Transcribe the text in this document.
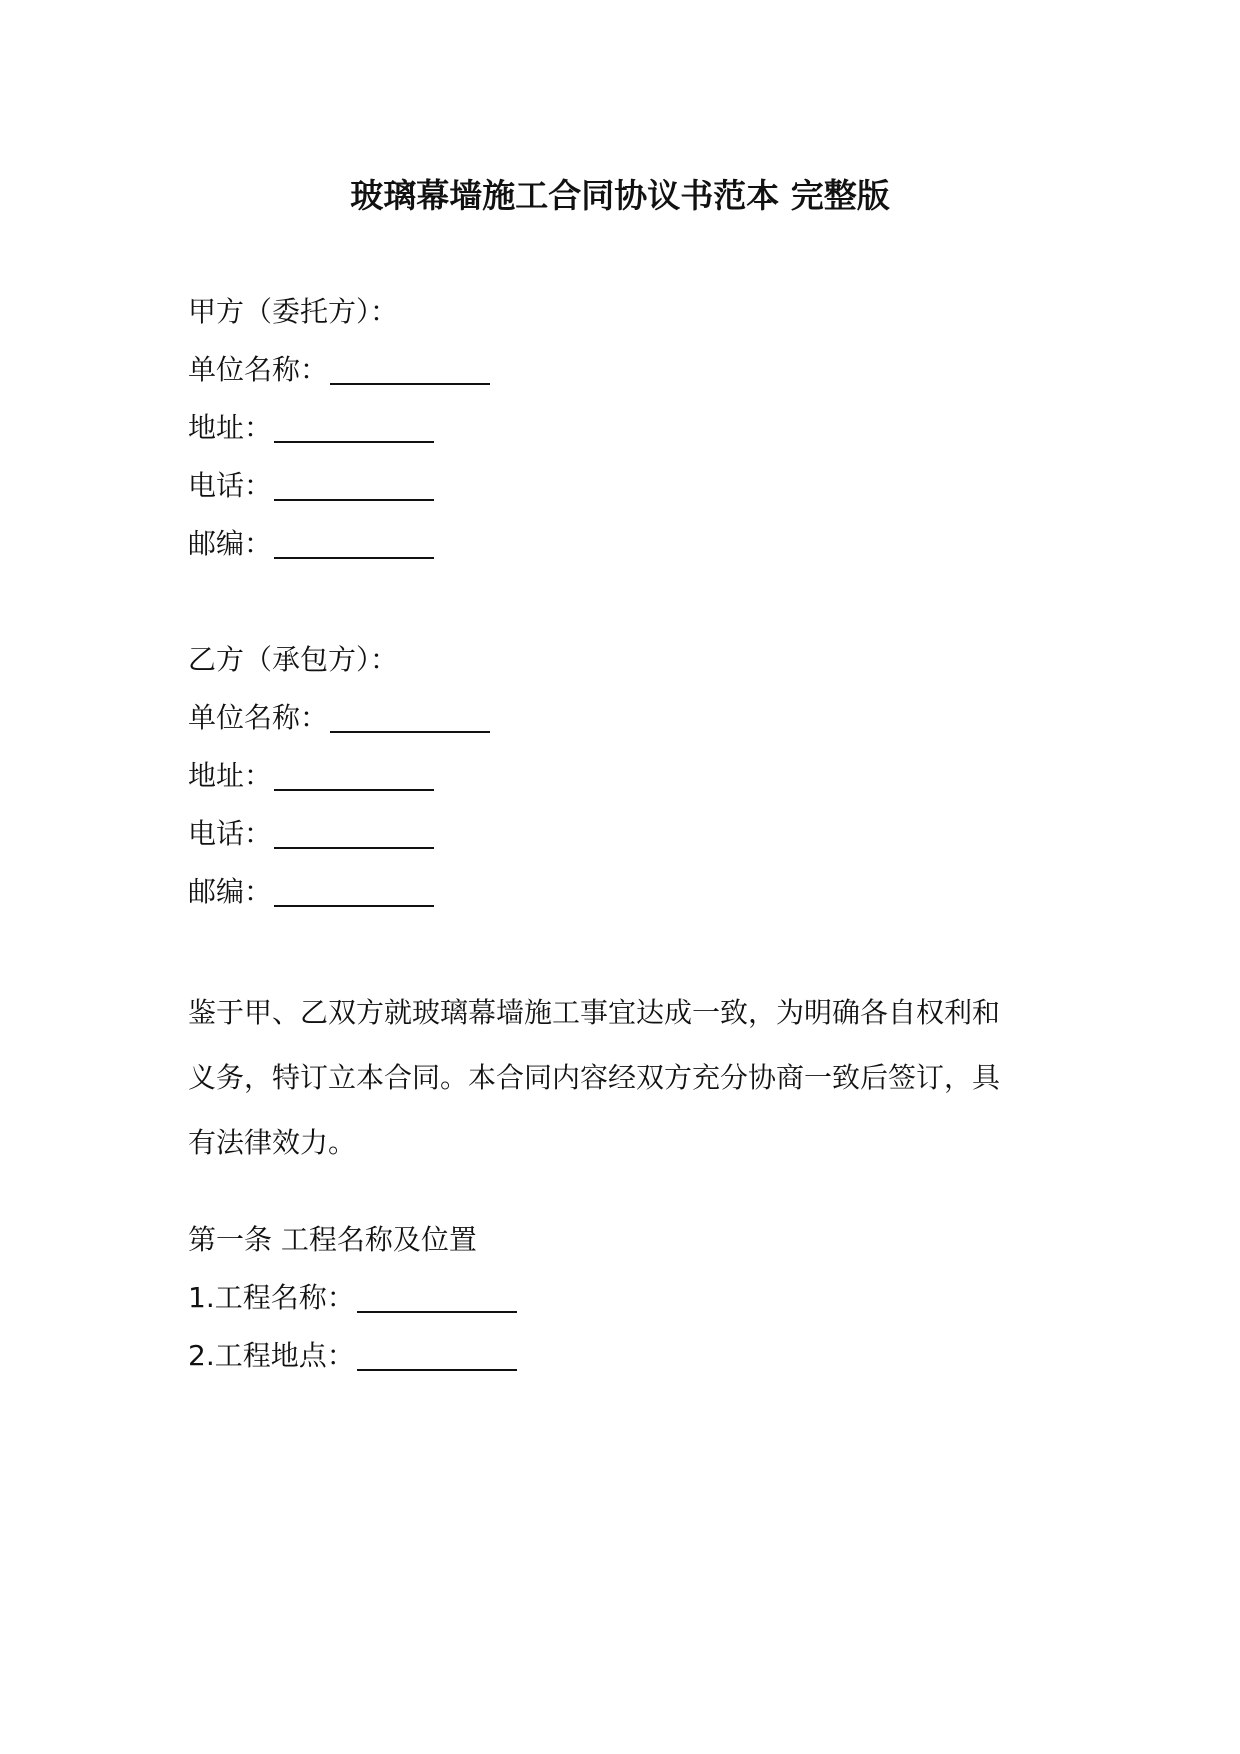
玻璃幕墙施工合同协议书范本 完整版
甲方（委托方）：
单位名称：
地址：
电话：
邮编：
乙方（承包方）：
单位名称：
地址：
电话：
邮编：
鉴于甲、乙双方就玻璃幕墙施工事宜达成一致，为明确各自权利和
义务，特订立本合同。本合同内容经双方充分协商一致后签订，具
有法律效力。
第一条 工程名称及位置
1.工程名称：
2.工程地点：
